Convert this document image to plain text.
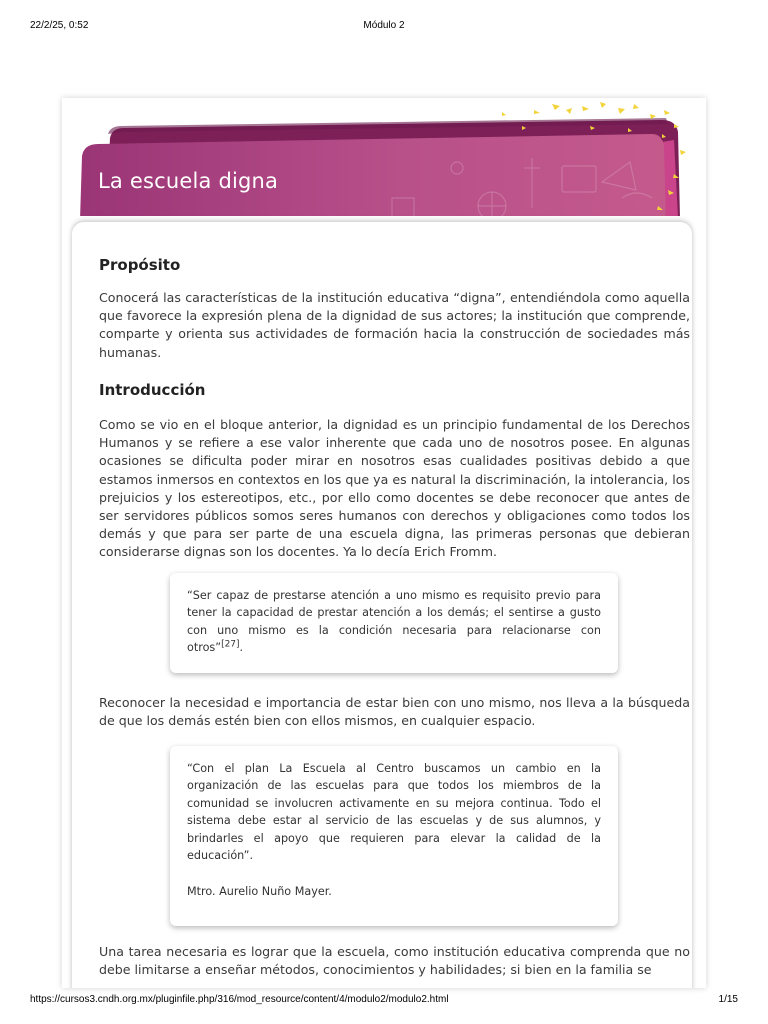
22/2/25, 0:52	Módulo 2
La escuela digna
Propósito

Conocerá las características de la institución educativa “digna”, entendiéndola como aquella que favorece la expresión plena de la dignidad de sus actores; la institución que comprende, comparte y orienta sus actividades de formación hacia la construcción de sociedades más humanas.

Introducción

Como se vio en el bloque anterior, la dignidad es un principio fundamental de los Derechos Humanos y se refiere a ese valor inherente que cada uno de nosotros posee. En algunas ocasiones se dificulta poder mirar en nosotros esas cualidades positivas debido a que estamos inmersos en contextos en los que ya es natural la discriminación, la intolerancia, los prejuicios y los estereotipos, etc., por ello como docentes se debe reconocer que antes de ser servidores públicos somos seres humanos con derechos y obligaciones como todos los demás y que para ser parte de una escuela digna, las primeras personas que debieran considerarse dignas son los docentes. Ya lo decía Erich Fromm.

“Ser capaz de prestarse atención a uno mismo es requisito previo para tener la capacidad de prestar atención a los demás; el sentirse a gusto con uno mismo es la condición necesaria para relacionarse con otros”[27].

Reconocer la necesidad e importancia de estar bien con uno mismo, nos lleva a la búsqueda de que los demás estén bien con ellos mismos, en cualquier espacio.

“Con el plan La Escuela al Centro buscamos un cambio en la organización de las escuelas para que todos los miembros de la comunidad se involucren activamente en su mejora continua. Todo el sistema debe estar al servicio de las escuelas y de sus alumnos, y brindarles el apoyo que requieren para elevar la calidad de la educación”.

Mtro. Aurelio Nuño Mayer.

Una tarea necesaria es lograr que la escuela, como institución educativa comprenda que no debe limitarse a enseñar métodos, conocimientos y habilidades; si bien en la familia se

https://cursos3.cndh.org.mx/pluginfile.php/316/mod_resource/content/4/modulo2/modulo2.html	1/15
